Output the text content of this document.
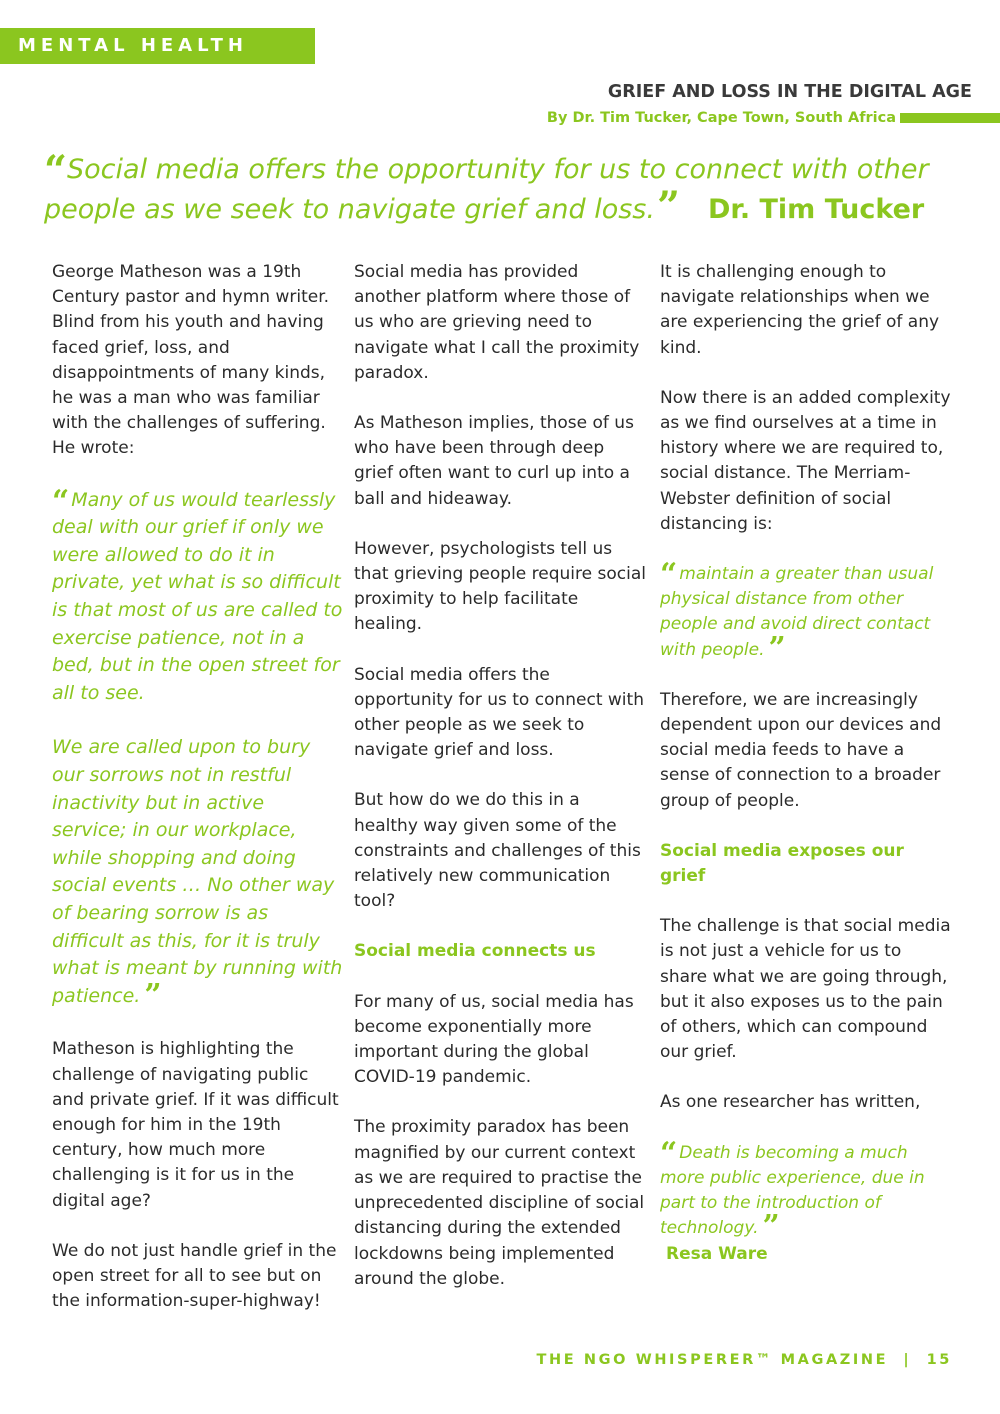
MENTAL HEALTH
GRIEF AND LOSS IN THE DIGITAL AGE
By Dr. Tim Tucker, Cape Town, South Africa
“Social media offers the opportunity for us to connect with other people as we seek to navigate grief and loss.” Dr. Tim Tucker

George Matheson was a 19th Century pastor and hymn writer. Blind from his youth and having faced grief, loss, and disappointments of many kinds, he was a man who was familiar with the challenges of suffering. He wrote:

“ Many of us would tearlessly deal with our grief if only we were allowed to do it in private, yet what is so difficult is that most of us are called to exercise patience, not in a bed, but in the open street for all to see.
We are called upon to bury our sorrows not in restful inactivity but in active service; in our workplace, while shopping and doing social events … No other way of bearing sorrow is as difficult as this, for it is truly what is meant by running with patience. ”

Matheson is highlighting the challenge of navigating public and private grief. If it was difficult enough for him in the 19th century, how much more challenging is it for us in the digital age?

We do not just handle grief in the open street for all to see but on the information-super-highway!

Social media has provided another platform where those of us who are grieving need to navigate what I call the proximity paradox.

As Matheson implies, those of us who have been through deep grief often want to curl up into a ball and hideaway.

However, psychologists tell us that grieving people require social proximity to help facilitate healing.

Social media offers the opportunity for us to connect with other people as we seek to navigate grief and loss.

But how do we do this in a healthy way given some of the constraints and challenges of this relatively new communication tool?

Social media connects us

For many of us, social media has become exponentially more important during the global COVID-19 pandemic.

The proximity paradox has been magnified by our current context as we are required to practise the unprecedented discipline of social distancing during the extended lockdowns being implemented around the globe.

It is challenging enough to navigate relationships when we are experiencing the grief of any kind.

Now there is an added complexity as we find ourselves at a time in history where we are required to, social distance. The Merriam-Webster definition of social distancing is:

“ maintain a greater than usual physical distance from other people and avoid direct contact with people. ”

Therefore, we are increasingly dependent upon our devices and social media feeds to have a sense of connection to a broader group of people.

Social media exposes our grief

The challenge is that social media is not just a vehicle for us to share what we are going through, but it also exposes us to the pain of others, which can compound our grief.

As one researcher has written,

“ Death is becoming a much more public experience, due in part to the introduction of technology. ”
Resa Ware
THE NGO WHISPERER™ MAGAZINE  |  15
